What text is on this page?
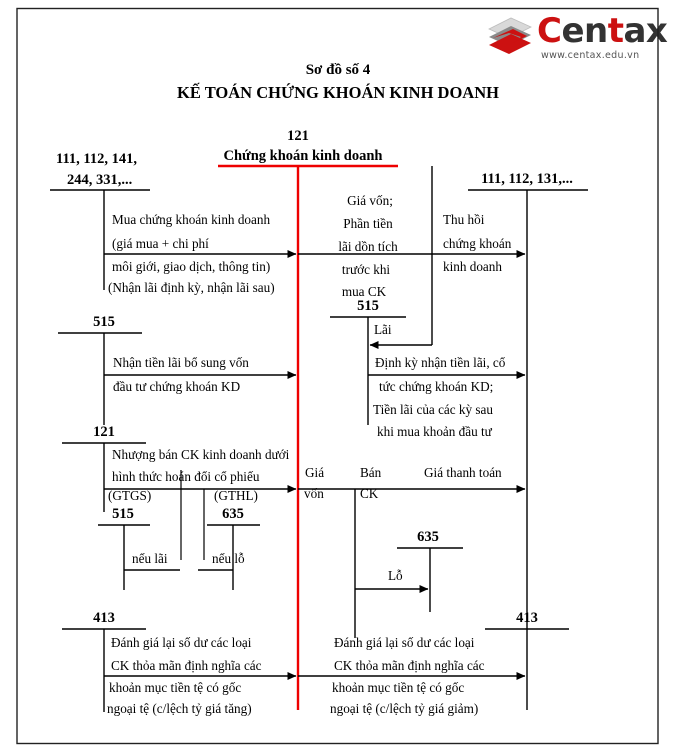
Centax
www.centax.edu.vn
Sơ đồ số 4
KẾ TOÁN CHỨNG KHOÁN KINH DOANH
121
Chứng khoán kinh doanh
111, 112, 141,
244, 331,...
Mua chứng khoán kinh doanh
(giá mua + chi phí
môi giới, giao dịch, thông tin)
(Nhận lãi định kỳ, nhận lãi sau)
Giá vốn;
Phần tiền
lãi dồn tích
trước khi
mua CK
Thu hồi
chứng khoán
kinh doanh
111, 112, 131,...
515
Nhận tiền lãi bổ sung vốn
đầu tư chứng khoán KD
515
Lãi
Định kỳ nhận tiền lãi, cổ
tức chứng khoán KD;
Tiền lãi của các kỳ sau
khi mua khoản đầu tư
121
Nhượng bán CK kinh doanh dưới
hình thức hoán đổi cổ phiếu
(GTGS)	(GTHL)
515
nếu lãi
635
nếu lỗ
Giá
vốn
Bán
CK
Giá thanh toán
635
Lỗ
413
Đánh giá lại số dư các loại
CK thỏa mãn định nghĩa các
khoản mục tiền tệ có gốc
ngoại tệ (c/lệch tỷ giá tăng)
413
Đánh giá lại số dư các loại
CK thỏa mãn định nghĩa các
khoản mục tiền tệ có gốc
ngoại tệ (c/lệch tỷ giá giảm)
